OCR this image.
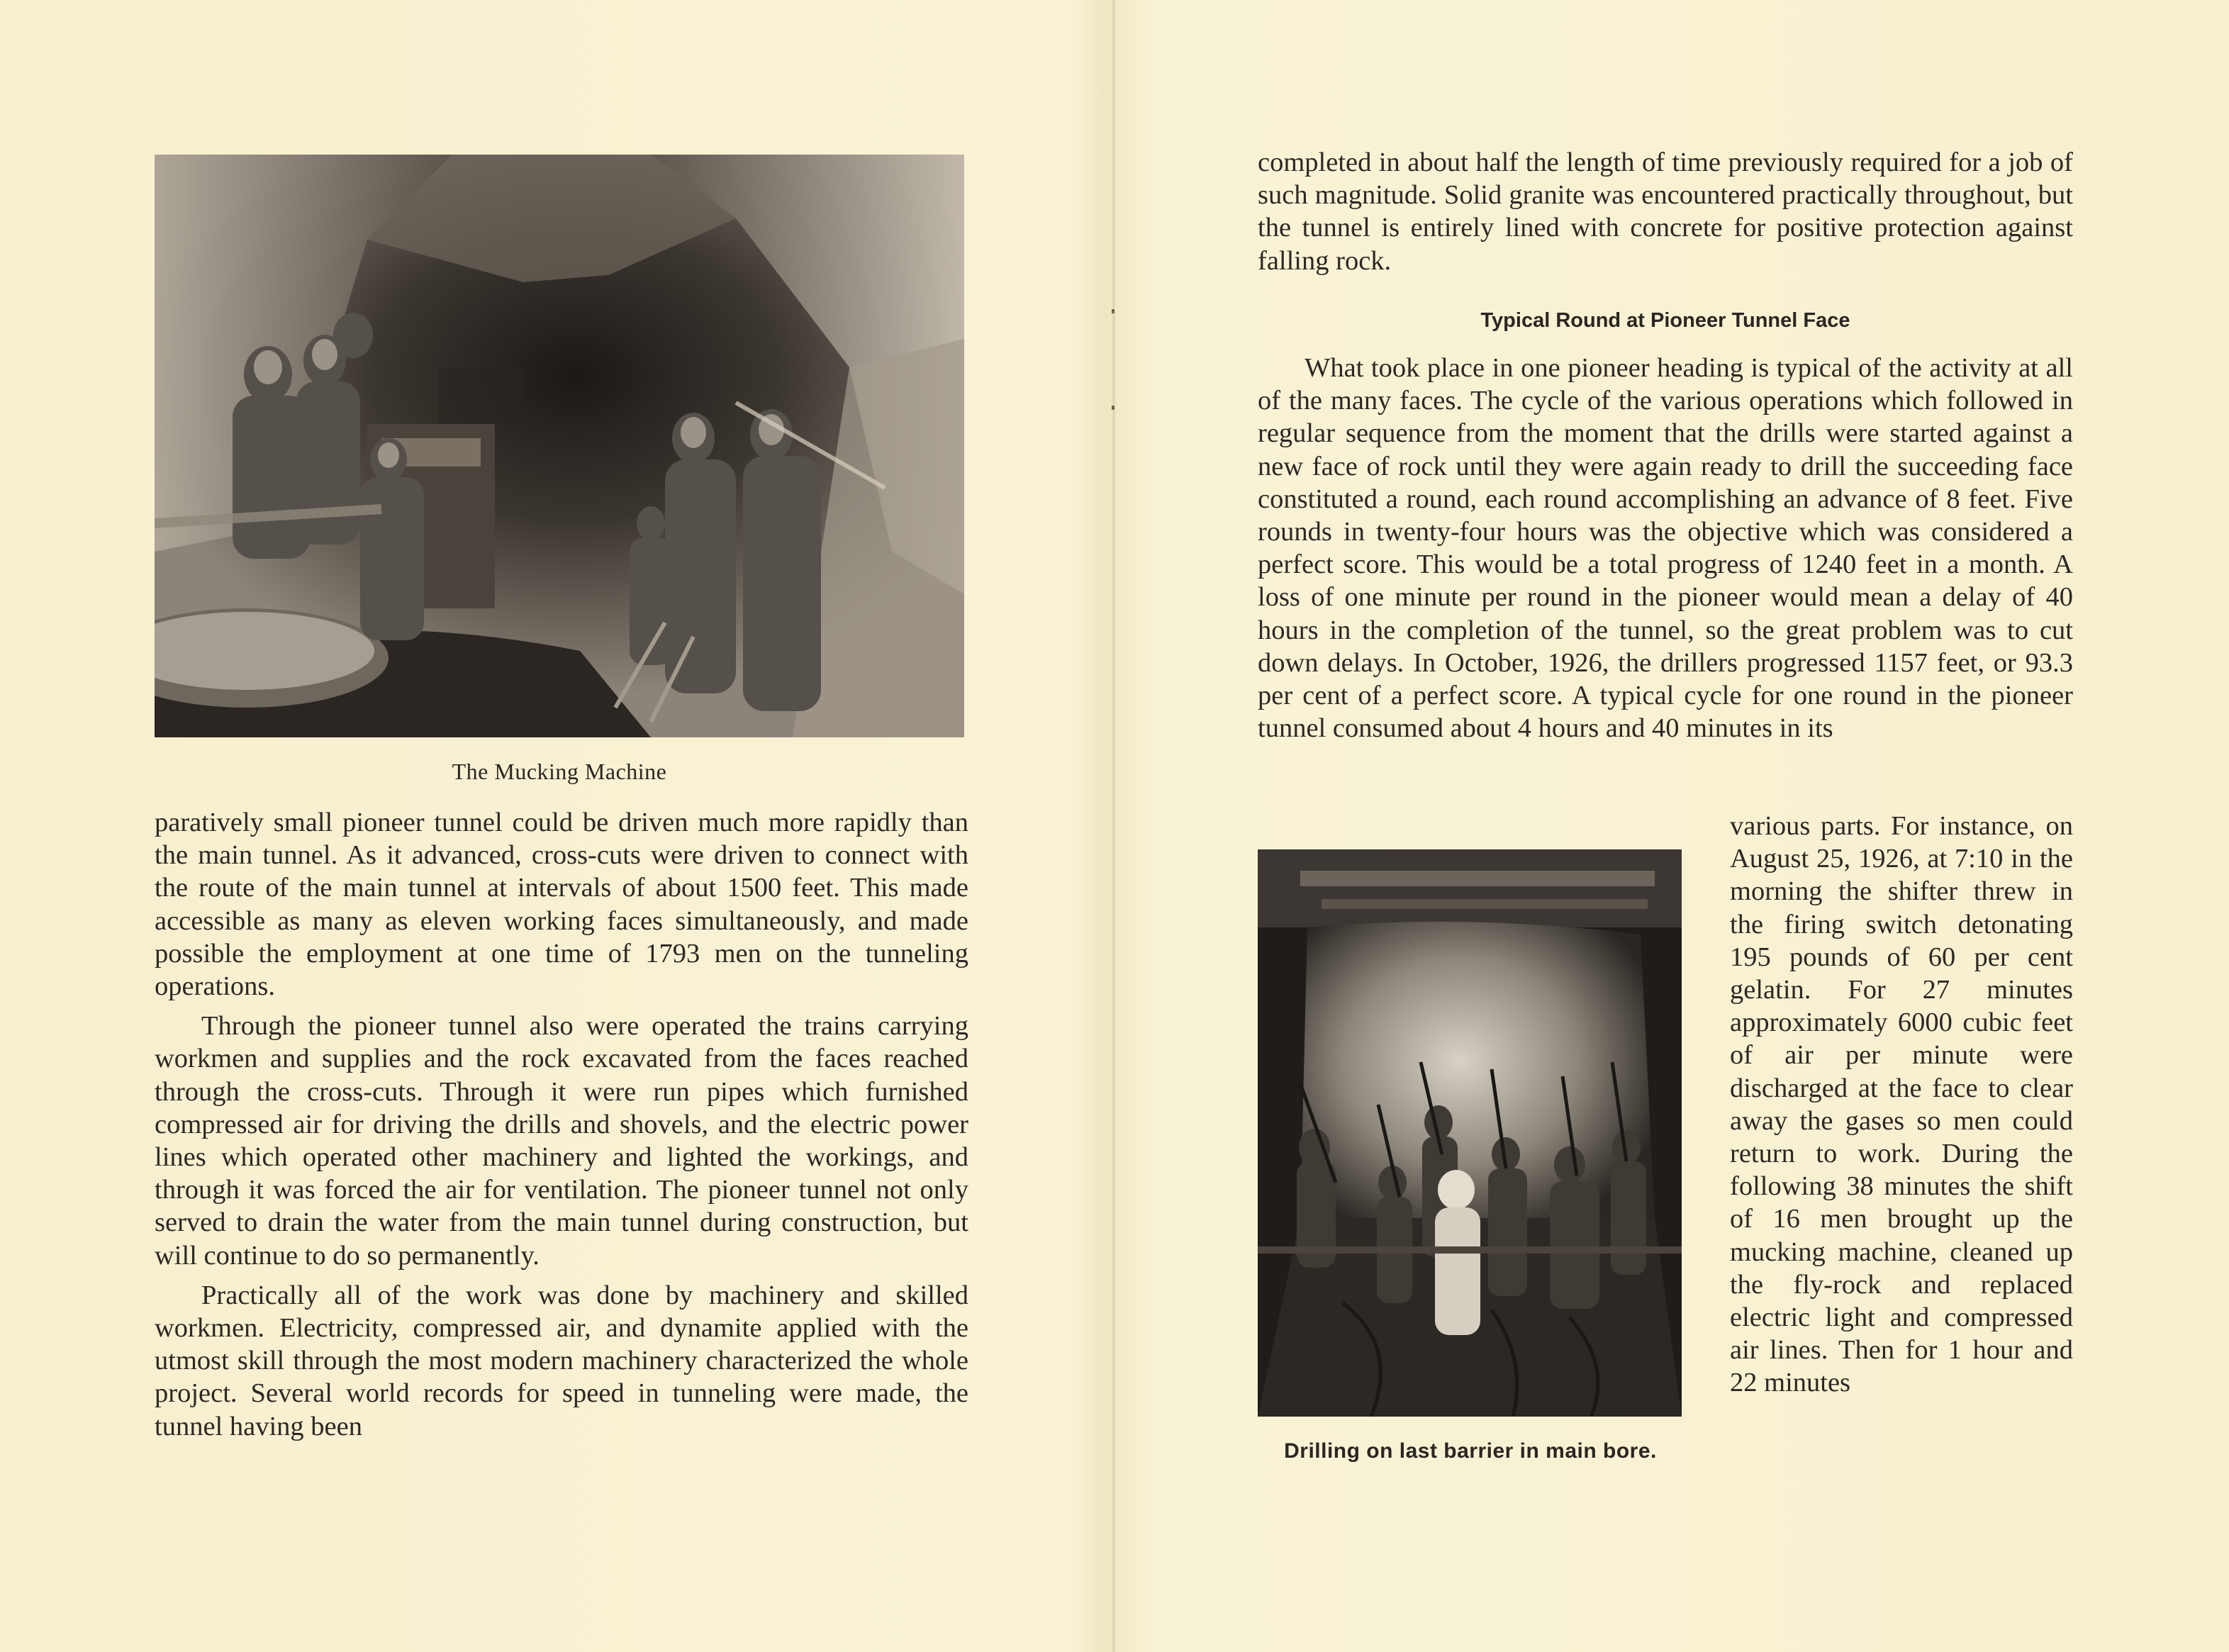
The Mucking Machine

paratively small pioneer tunnel could be driven much more rapidly than the main tunnel. As it advanced, cross-cuts were driven to connect with the route of the main tunnel at intervals of about 1500 feet. This made accessible as many as eleven working faces simultaneously, and made possible the employment at one time of 1793 men on the tunneling operations.

Through the pioneer tunnel also were operated the trains carrying workmen and supplies and the rock excavated from the faces reached through the cross-cuts. Through it were run pipes which furnished compressed air for driving the drills and shovels, and the electric power lines which operated other machinery and lighted the workings, and through it was forced the air for ventilation. The pioneer tunnel not only served to drain the water from the main tunnel during construction, but will continue to do so permanently.

Practically all of the work was done by machinery and skilled workmen. Electricity, compressed air, and dynamite applied with the utmost skill through the most modern machinery characterized the whole project. Several world records for speed in tunneling were made, the tunnel having been

completed in about half the length of time previously required for a job of such magnitude. Solid granite was encountered practically throughout, but the tunnel is entirely lined with concrete for positive protection against falling rock.

Typical Round at Pioneer Tunnel Face

What took place in one pioneer heading is typical of the activity at all of the many faces. The cycle of the various operations which followed in regular sequence from the moment that the drills were started against a new face of rock until they were again ready to drill the succeeding face constituted a round, each round accomplishing an advance of 8 feet. Five rounds in twenty-four hours was the objective which was considered a perfect score. This would be a total progress of 1240 feet in a month. A loss of one minute per round in the pioneer would mean a delay of 40 hours in the completion of the tunnel, so the great problem was to cut down delays. In October, 1926, the drillers progressed 1157 feet, or 93.3 per cent of a perfect score. A typical cycle for one round in the pioneer tunnel consumed about 4 hours and 40 minutes in its

various parts. For instance, on August 25, 1926, at 7:10 in the morning the shifter threw in the firing switch detonating 195 pounds of 60 per cent gelatin. For 27 minutes approximately 6000 cubic feet of air per minute were discharged at the face to clear away the gases so men could return to work. During the following 38 minutes the shift of 16 men brought up the mucking machine, cleaned up the fly-rock and replaced electric light and compressed air lines. Then for 1 hour and 22 minutes

Drilling on last barrier in main bore.
